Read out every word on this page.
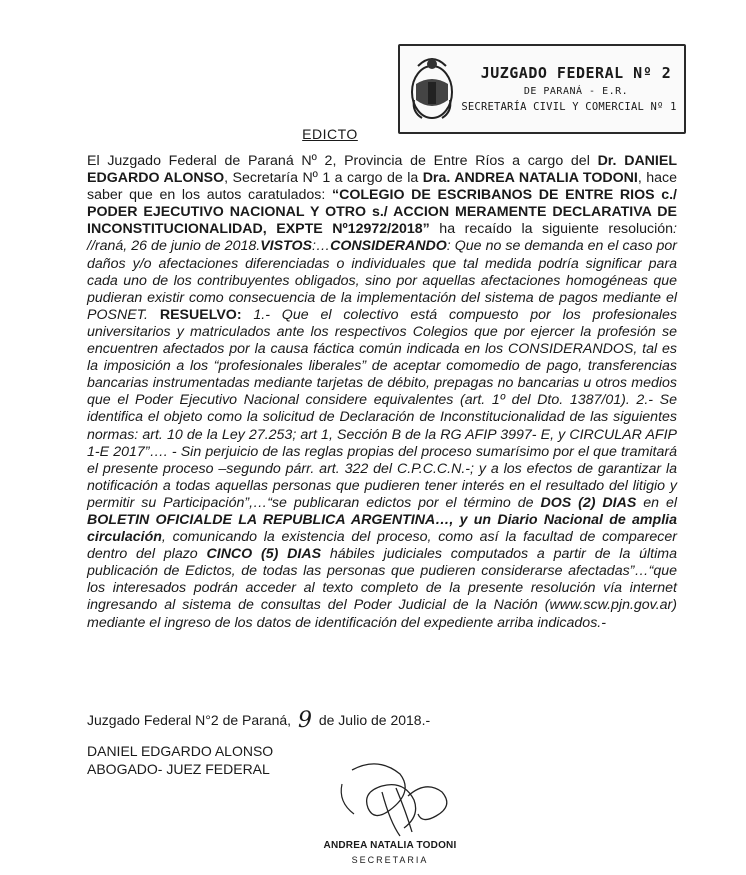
JUZGADO FEDERAL Nº 2
DE PARANÁ - E.R.
SECRETARÍA CIVIL Y COMERCIAL Nº 1
EDICTO
El Juzgado Federal de Paraná Nº 2, Provincia de Entre Ríos a cargo del Dr. DANIEL EDGARDO ALONSO, Secretaría Nº 1 a cargo de la Dra. ANDREA NATALIA TODONI, hace saber que en los autos caratulados: “COLEGIO DE ESCRIBANOS DE ENTRE RIOS c./ PODER EJECUTIVO NACIONAL Y OTRO s./ ACCION MERAMENTE DECLARATIVA DE INCONSTITUCIONALIDAD, EXPTE Nº12972/2018” ha recaído la siguiente resolución: //raná, 26 de junio de 2018.VISTOS:…CONSIDERANDO: Que no se demanda en el caso por daños y/o afectaciones diferenciadas o individuales que tal medida podría significar para cada uno de los contribuyentes obligados, sino por aquellas afectaciones homogéneas que pudieran existir como consecuencia de la implementación del sistema de pagos mediante el POSNET. RESUELVO: 1.- Que el colectivo está compuesto por los profesionales universitarios y matriculados ante los respectivos Colegios que por ejercer la profesión se encuentren afectados por la causa fáctica común indicada en los CONSIDERANDOS, tal es la imposición a los “profesionales liberales” de aceptar comomedio de pago, transferencias bancarias instrumentadas mediante tarjetas de débito, prepagas no bancarias u otros medios que el Poder Ejecutivo Nacional considere equivalentes (art. 1º del Dto. 1387/01). 2.- Se identifica el objeto como la solicitud de Declaración de Inconstitucionalidad de las siguientes normas: art. 10 de la Ley 27.253; art 1, Sección B de la RG AFIP 3997- E, y CIRCULAR AFIP 1-E 2017”…. - Sin perjuicio de las reglas propias del proceso sumarísimo por el que tramitará el presente proceso –segundo párr. art. 322 del C.P.C.C.N.-; y a los efectos de garantizar la notificación a todas aquellas personas que pudieren tener interés en el resultado del litigio y permitir su Participación”,…“se publicaran edictos por el término de DOS (2) DIAS en el BOLETIN OFICIALDE LA REPUBLICA ARGENTINA…, y un Diario Nacional de amplia circulación, comunicando la existencia del proceso, como así la facultad de comparecer dentro del plazo CINCO (5) DIAS hábiles judiciales computados a partir de la última publicación de Edictos, de todas las personas que pudieren considerarse afectadas”…“que los interesados podrán acceder al texto completo de la presente resolución vía internet ingresando al sistema de consultas del Poder Judicial de la Nación (www.scw.pjn.gov.ar) mediante el ingreso de los datos de identificación del expediente arriba indicados.-
Juzgado Federal N°2 de Paraná, 9 de Julio de 2018.-
DANIEL EDGARDO ALONSO
ABOGADO- JUEZ FEDERAL
ANDREA NATALIA TODONI
SECRETARIA
